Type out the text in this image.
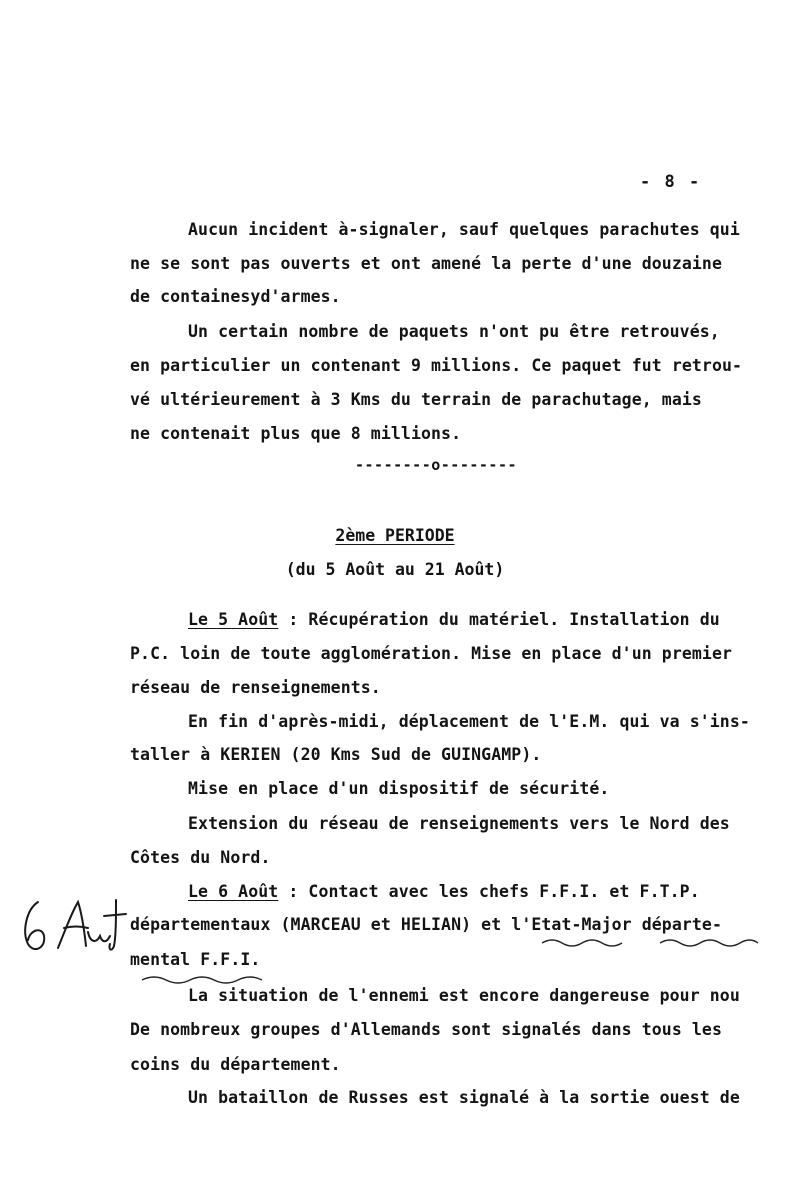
- 8 -
Aucun incident à-signaler, sauf quelques parachutes qui
ne se sont pas ouverts et ont amené la perte d'une douzaine
de containesyd'armes.
Un certain nombre de paquets n'ont pu être retrouvés,
en particulier un contenant 9 millions. Ce paquet fut retrou-
vé ultérieurement à 3 Kms du terrain de parachutage, mais
ne contenait plus que 8 millions.
--------o--------
2ème PERIODE
(du 5 Août au 21 Août)
Le 5 Août : Récupération du matériel. Installation du
P.C. loin de toute agglomération. Mise en place d'un premier
réseau de renseignements.
En fin d'après-midi, déplacement de l'E.M. qui va s'ins-
taller à KERIEN (20 Kms Sud de GUINGAMP).
Mise en place d'un dispositif de sécurité.
Extension du réseau de renseignements vers le Nord des
Côtes du Nord.
Le 6 Août : Contact avec les chefs F.F.I. et F.T.P.
départementaux (MARCEAU et HELIAN) et l'Etat-Major départe-
mental F.F.I.
La situation de l'ennemi est encore dangereuse pour nou
De nombreux groupes d'Allemands sont signalés dans tous les
coins du département.
Un bataillon de Russes est signalé à la sortie ouest de
